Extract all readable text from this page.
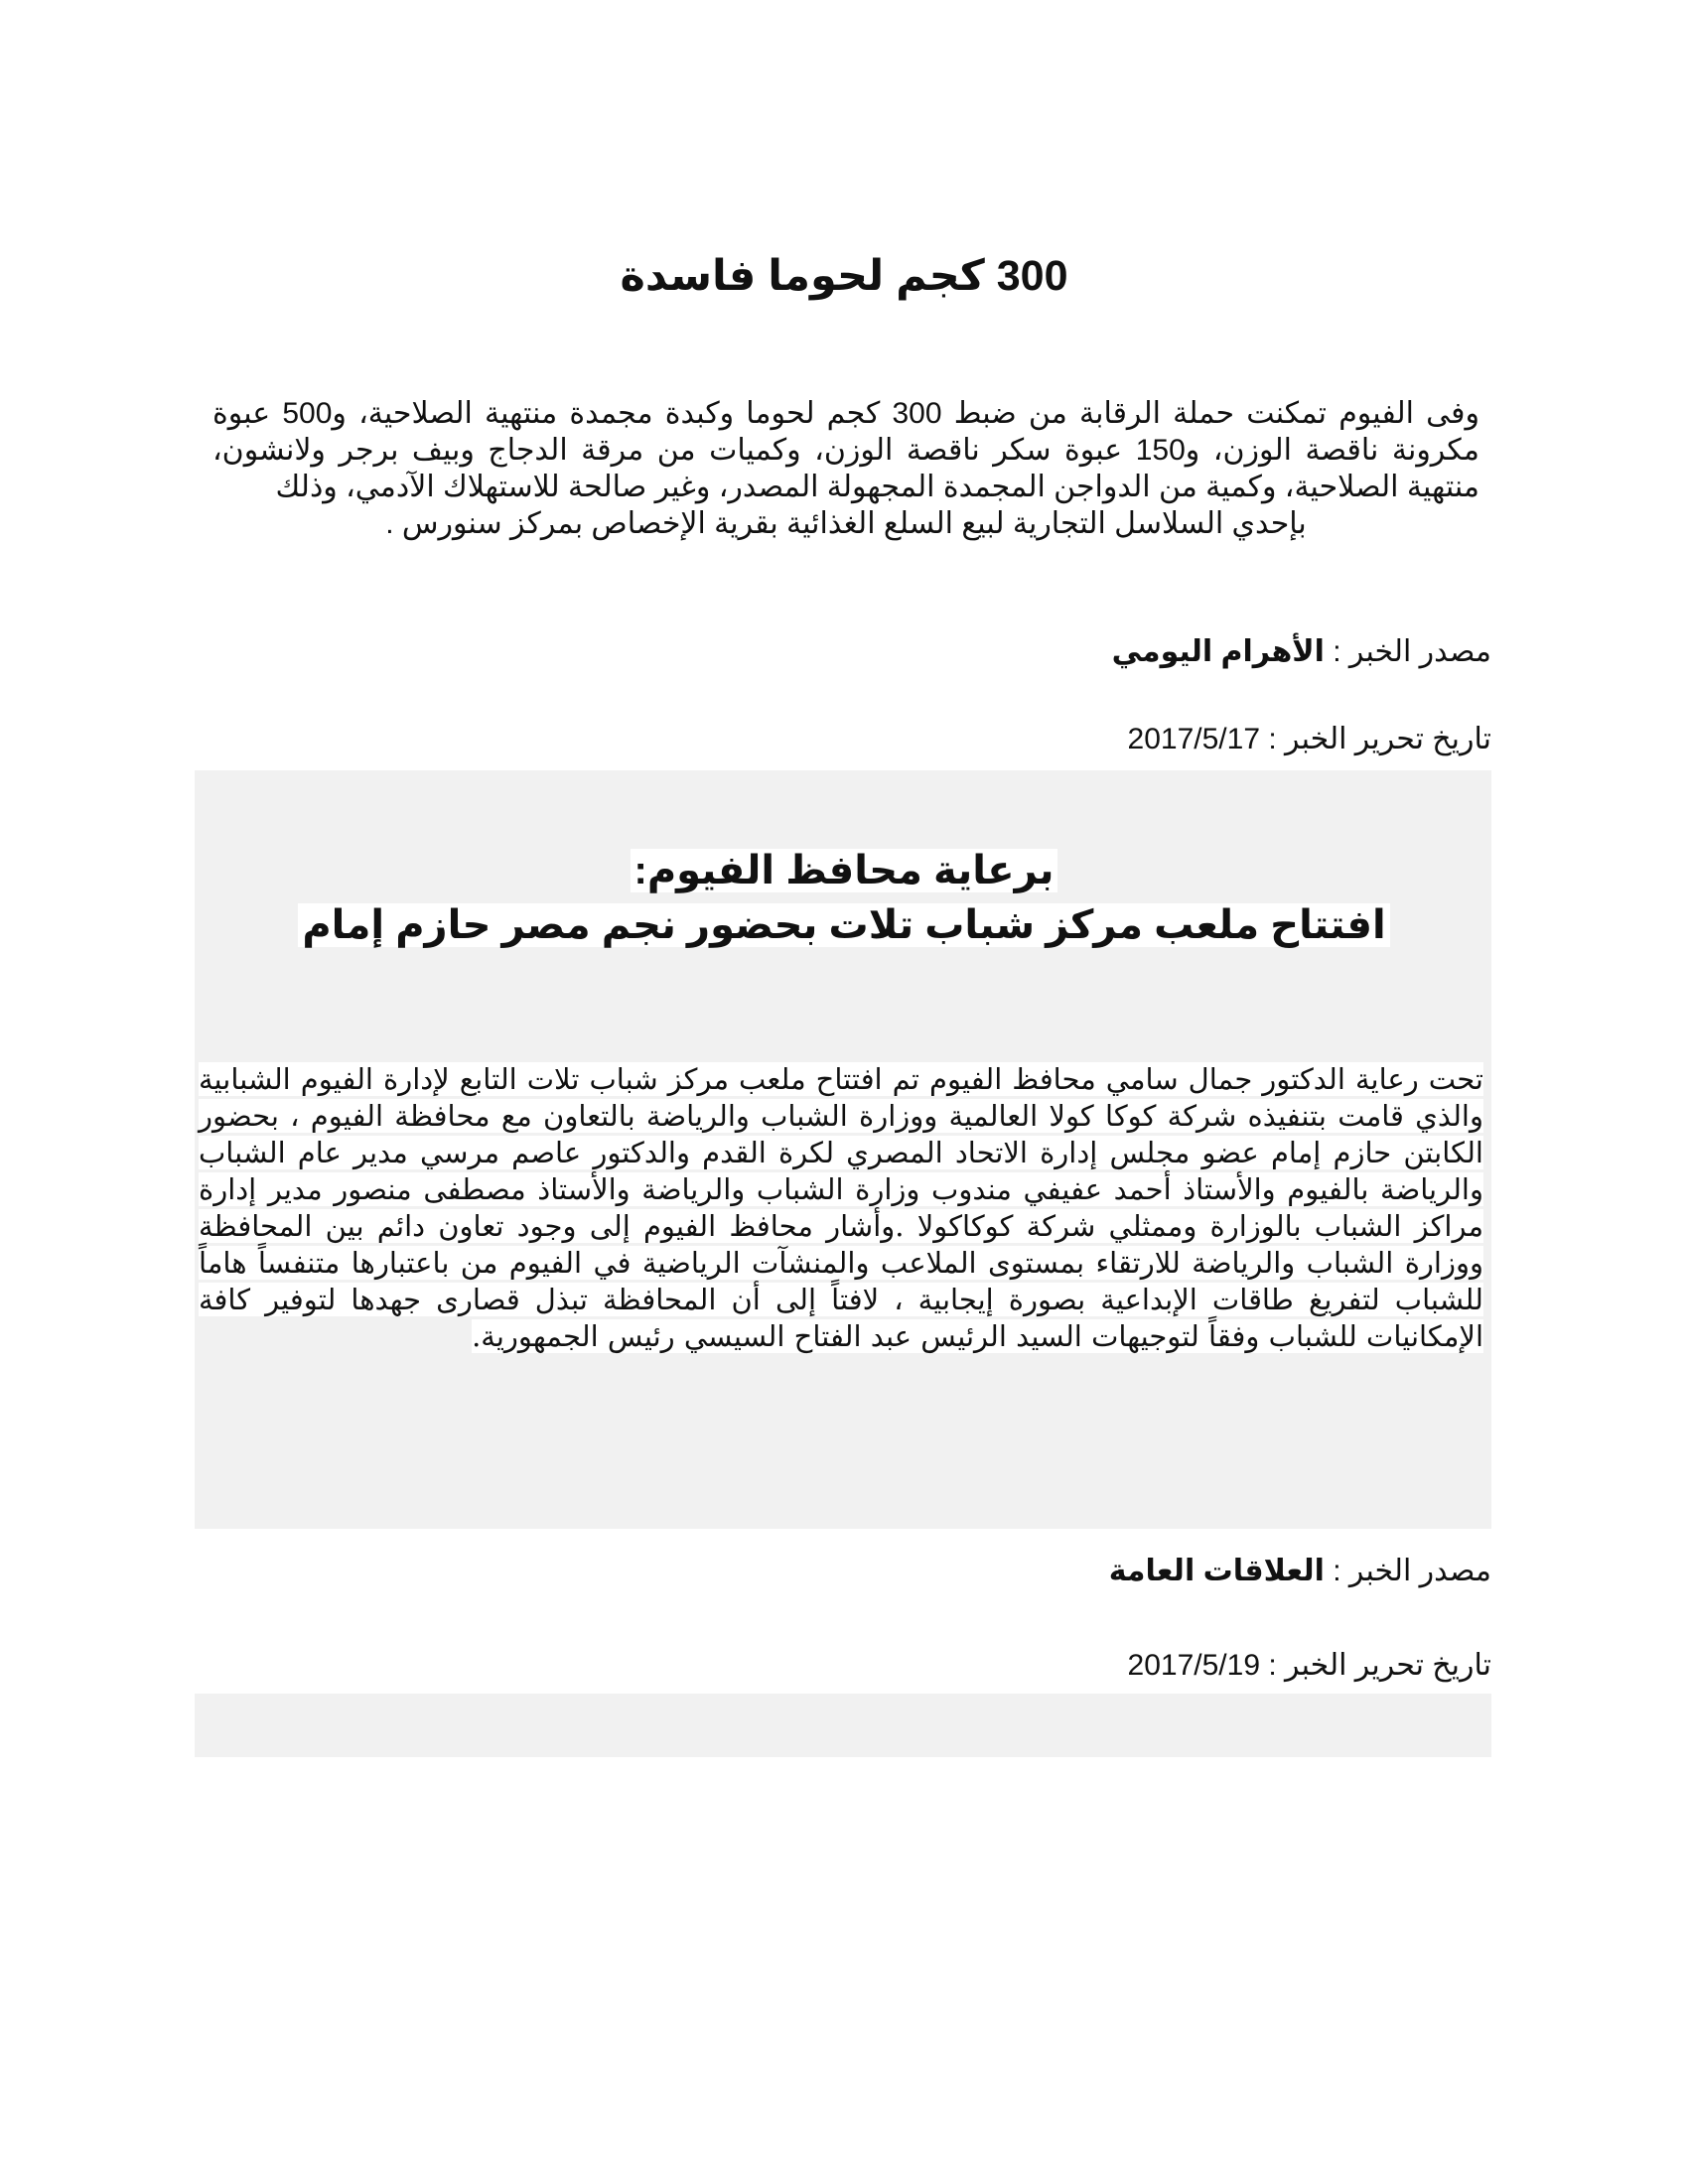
300 كجم لحوما فاسدة
وفى الفيوم تمكنت حملة الرقابة من ضبط 300 كجم لحوما وكبدة مجمدة منتهية الصلاحية، و500 عبوة مكرونة ناقصة الوزن، و150 عبوة سكر ناقصة الوزن، وكميات من مرقة الدجاج وبيف برجر ولانشون، منتهية الصلاحية، وكمية من الدواجن المجمدة المجهولة المصدر، وغير صالحة للاستهلاك الآدمي، وذلك
بإحدي السلاسل التجارية لبيع السلع الغذائية بقرية الإخصاص بمركز سنورس .

مصدر الخبر : الأهرام اليومي

تاريخ تحرير الخبر : 2017/5/17

برعاية محافظ الفيوم:
افتتاح ملعب مركز شباب تلات بحضور نجم مصر حازم إمام

تحت رعاية الدكتور جمال سامي محافظ الفيوم تم افتتاح ملعب مركز شباب تلات التابع لإدارة الفيوم الشبابية والذي قامت بتنفيذه شركة كوكا كولا العالمية ووزارة الشباب والرياضة بالتعاون مع محافظة الفيوم ، بحضور الكابتن حازم إمام عضو مجلس إدارة الاتحاد المصري لكرة القدم والدكتور عاصم مرسي مدير عام الشباب والرياضة بالفيوم والأستاذ أحمد عفيفي مندوب وزارة الشباب والرياضة والأستاذ مصطفى منصور مدير إدارة مراكز الشباب بالوزارة وممثلي شركة كوكاكولا .وأشار محافظ الفيوم إلى وجود تعاون دائم بين المحافظة ووزارة الشباب والرياضة للارتقاء بمستوى الملاعب والمنشآت الرياضية في الفيوم من باعتبارها متنفساً هاماً للشباب لتفريغ طاقات الإبداعية بصورة إيجابية ، لافتاً إلى أن المحافظة تبذل قصارى جهدها لتوفير كافة الإمكانيات للشباب وفقاً لتوجيهات السيد الرئيس عبد الفتاح السيسي رئيس الجمهورية.

مصدر الخبر : العلاقات العامة

تاريخ تحرير الخبر : 2017/5/19
